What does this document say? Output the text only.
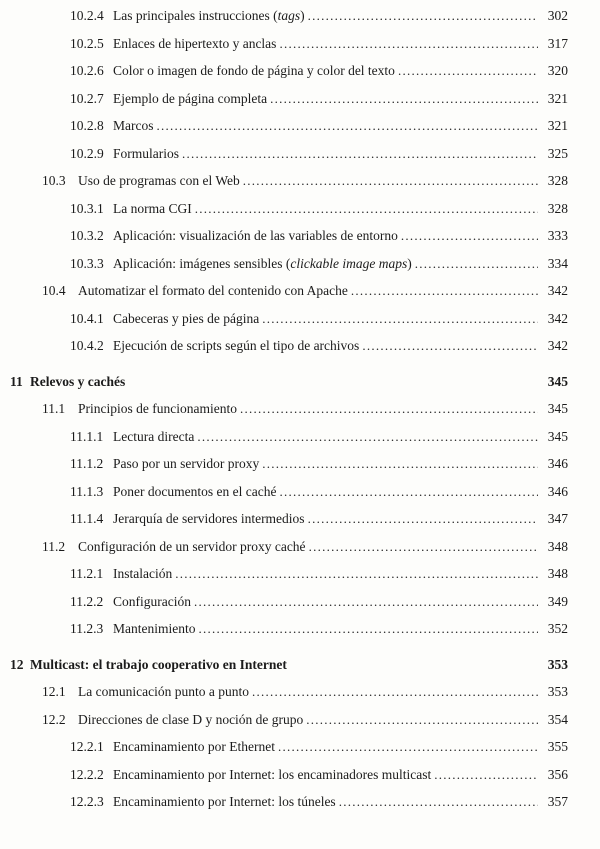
10.2.4 Las principales instrucciones ( tags ) . . .	302
10.2.5 Enlaces de hipertexto y anclas . . .	317
10.2.6 Color o imagen de fondo de página y color del texto . . .	320
10.2.7 Ejemplo de página completa . . .	321
10.2.8 Marcos . . .	321
10.2.9 Formularios . . .	325
10.3 Uso de programas con el Web . . .	328
10.3.1 La norma CGI . . .	328
10.3.2 Aplicación: visualización de las variables de entorno . . .	333
10.3.3 Aplicación: imágenes sensibles ( clickable image maps ) . . .	334
10.4 Automatizar el formato del contenido con Apache . . .	342
10.4.1 Cabeceras y pies de página . . .	342
10.4.2 Ejecución de scripts según el tipo de archivos . . .	342
11 Relevos y cachés	345
11.1 Principios de funcionamiento . . .	345
11.1.1 Lectura directa . . .	345
11.1.2 Paso por un servidor proxy . . .	346
11.1.3 Poner documentos en el caché . . .	346
11.1.4 Jerarquía de servidores intermedios . . .	347
11.2 Configuración de un servidor proxy caché . . .	348
11.2.1 Instalación . . .	348
11.2.2 Configuración . . .	349
11.2.3 Mantenimiento . . .	352
12 Multicast: el trabajo cooperativo en Internet	353
12.1 La comunicación punto a punto . . .	353
12.2 Direcciones de clase D y noción de grupo . . .	354
12.2.1 Encaminamiento por Ethernet . . .	355
12.2.2 Encaminamiento por Internet: los encaminadores multicast . . .	356
12.2.3 Encaminamiento por Internet: los túneles . . .	357
